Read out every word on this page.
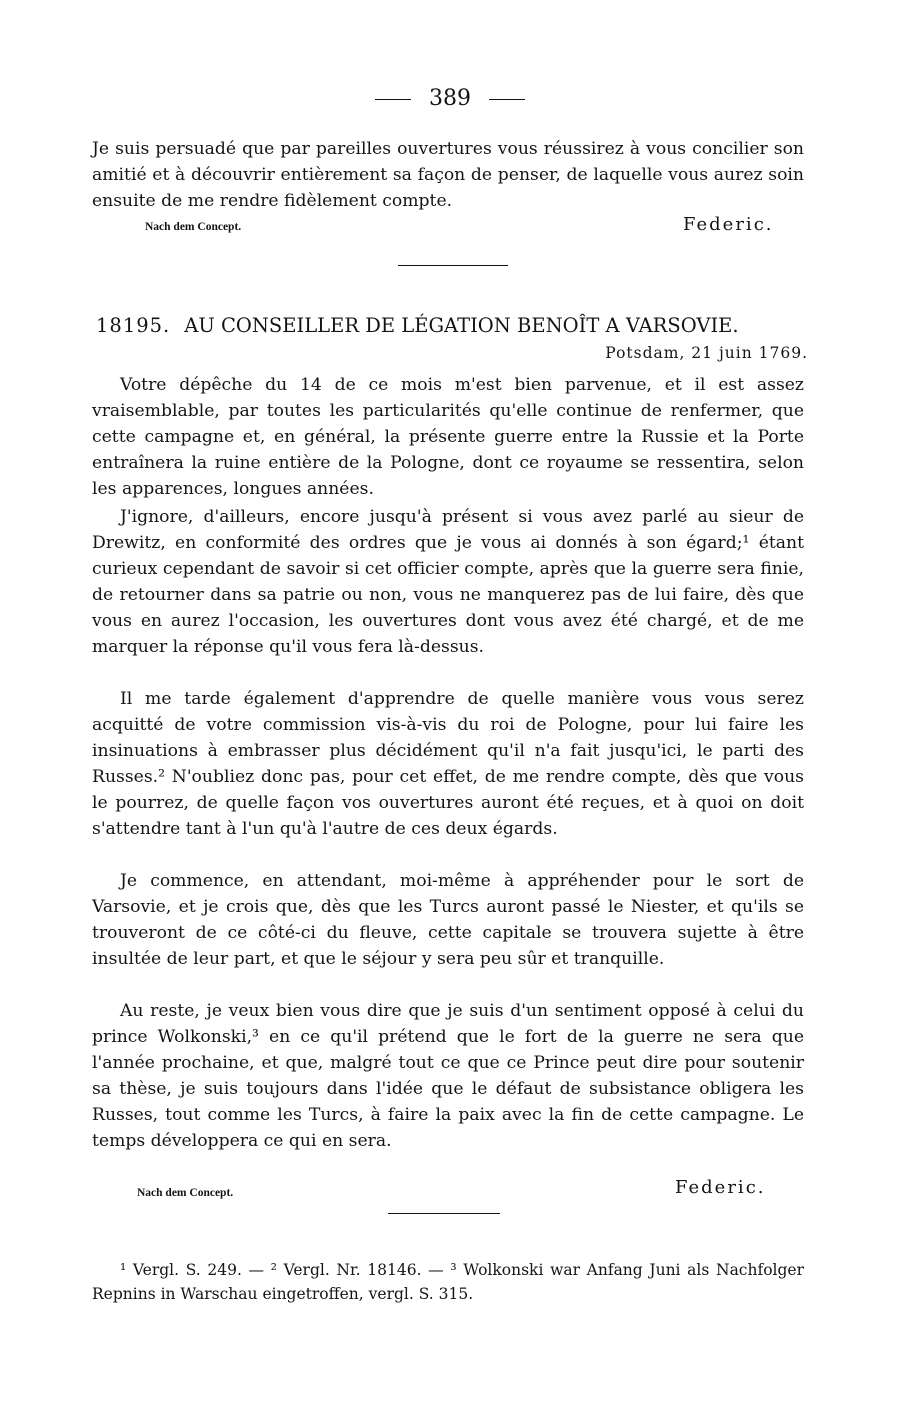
389

Je suis persuadé que par pareilles ouvertures vous réussirez à vous concilier son amitié et à découvrir entièrement sa façon de penser, de laquelle vous aurez soin ensuite de me rendre fidèlement compte.

Nach dem Concept.	Federic.
18195. AU CONSEILLER DE LÉGATION BENOÎT A VARSOVIE.
Potsdam, 21 juin 1769.

Votre dépêche du 14 de ce mois m'est bien parvenue, et il est assez vraisemblable, par toutes les particularités qu'elle continue de renfermer, que cette campagne et, en général, la présente guerre entre la Russie et la Porte entraînera la ruine entière de la Pologne, dont ce royaume se ressentira, selon les apparences, longues années.

J'ignore, d'ailleurs, encore jusqu'à présent si vous avez parlé au sieur de Drewitz, en conformité des ordres que je vous ai donnés à son égard;¹ étant curieux cependant de savoir si cet officier compte, après que la guerre sera finie, de retourner dans sa patrie ou non, vous ne manquerez pas de lui faire, dès que vous en aurez l'occasion, les ouvertures dont vous avez été chargé, et de me marquer la réponse qu'il vous fera là-dessus.

Il me tarde également d'apprendre de quelle manière vous vous serez acquitté de votre commission vis-à-vis du roi de Pologne, pour lui faire les insinuations à embrasser plus décidément qu'il n'a fait jusqu'ici, le parti des Russes.² N'oubliez donc pas, pour cet effet, de me rendre compte, dès que vous le pourrez, de quelle façon vos ouvertures auront été reçues, et à quoi on doit s'attendre tant à l'un qu'à l'autre de ces deux égards.

Je commence, en attendant, moi-même à appréhender pour le sort de Varsovie, et je crois que, dès que les Turcs auront passé le Niester, et qu'ils se trouveront de ce côté-ci du fleuve, cette capitale se trouvera sujette à être insultée de leur part, et que le séjour y sera peu sûr et tranquille.

Au reste, je veux bien vous dire que je suis d'un sentiment opposé à celui du prince Wolkonski,³ en ce qu'il prétend que le fort de la guerre ne sera que l'année prochaine, et que, malgré tout ce que ce Prince peut dire pour soutenir sa thèse, je suis toujours dans l'idée que le défaut de subsistance obligera les Russes, tout comme les Turcs, à faire la paix avec la fin de cette campagne. Le temps développera ce qui en sera.

Nach dem Concept.	Federic.

¹ Vergl. S. 249. — ² Vergl. Nr. 18146. — ³ Wolkonski war Anfang Juni als Nachfolger Repnins in Warschau eingetroffen, vergl. S. 315.
